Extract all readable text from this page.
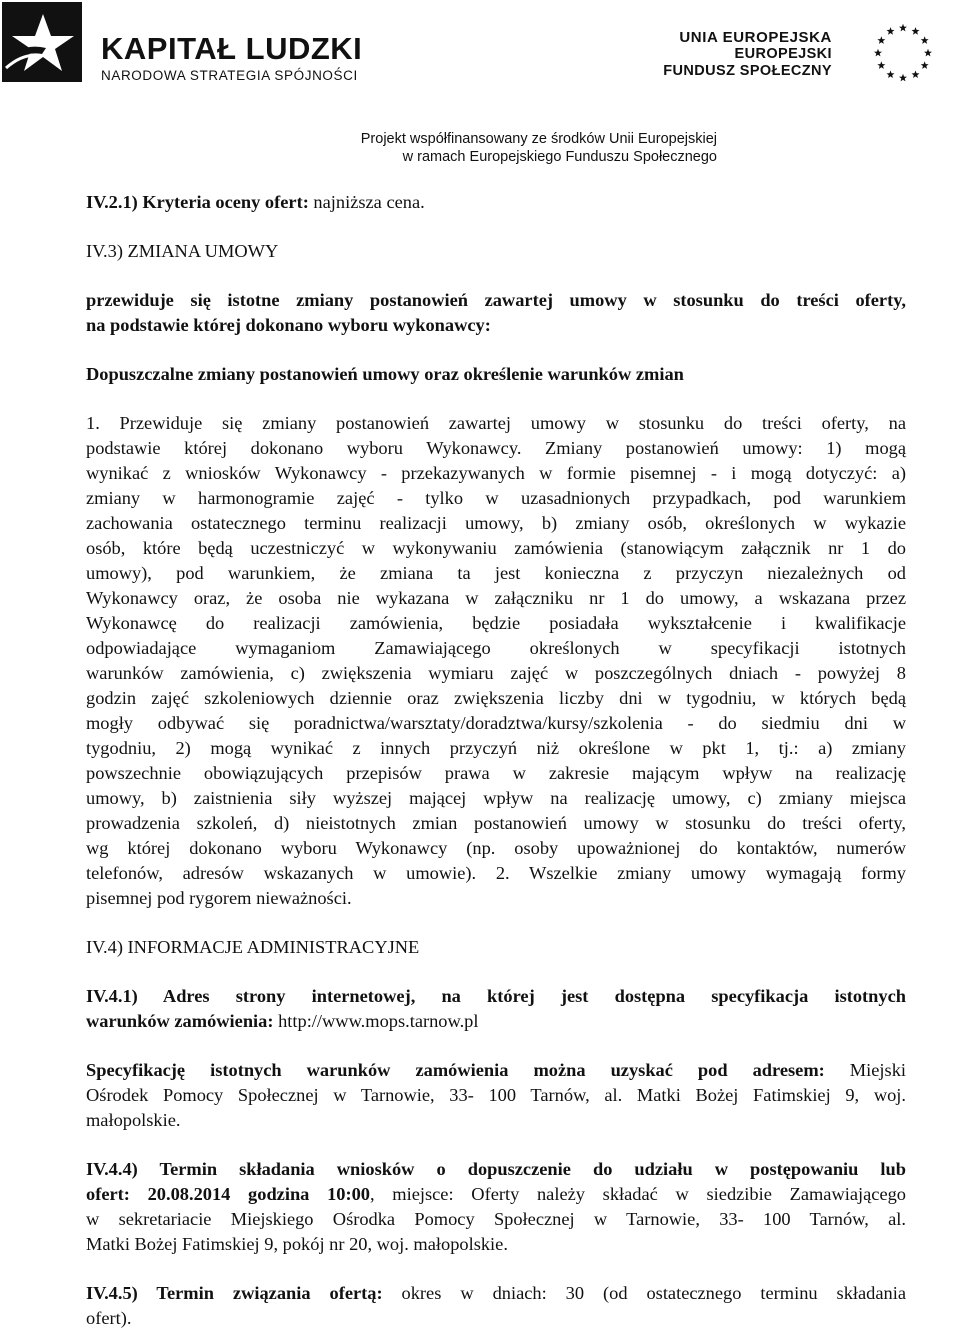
KAPITAŁ LUDZKI
NARODOWA STRATEGIA SPÓJNOŚCI
UNIA EUROPEJSKA
EUROPEJSKI
FUNDUSZ SPOŁECZNY
Projekt współfinansowany ze środków Unii Europejskiej
w ramach Europejskiego Funduszu Społecznego
IV.2.1) Kryteria oceny ofert: najniższa cena.
IV.3) ZMIANA UMOWY
przewiduje się istotne zmiany postanowień zawartej umowy w stosunku do treści oferty,
na podstawie której dokonano wyboru wykonawcy:
Dopuszczalne zmiany postanowień umowy oraz określenie warunków zmian
1. Przewiduje się zmiany postanowień zawartej umowy w stosunku do treści oferty, na
podstawie której dokonano wyboru Wykonawcy. Zmiany postanowień umowy: 1) mogą
wynikać z wniosków Wykonawcy - przekazywanych w formie pisemnej - i mogą dotyczyć: a)
zmiany w harmonogramie zajęć - tylko w uzasadnionych przypadkach, pod warunkiem
zachowania ostatecznego terminu realizacji umowy, b) zmiany osób, określonych w wykazie
osób, które będą uczestniczyć w wykonywaniu zamówienia (stanowiącym załącznik nr 1 do
umowy), pod warunkiem, że zmiana ta jest konieczna z przyczyn niezależnych od
Wykonawcy oraz, że osoba nie wykazana w załączniku nr 1 do umowy, a wskazana przez
Wykonawcę do realizacji zamówienia, będzie posiadała wykształcenie i kwalifikacje
odpowiadające wymaganiom Zamawiającego określonych w specyfikacji istotnych
warunków zamówienia, c) zwiększenia wymiaru zajęć w poszczególnych dniach - powyżej 8
godzin zajęć szkoleniowych dziennie oraz zwiększenia liczby dni w tygodniu, w których będą
mogły odbywać się poradnictwa/warsztaty/doradztwa/kursy/szkolenia - do siedmiu dni w
tygodniu, 2) mogą wynikać z innych przyczyń niż określone w pkt 1, tj.: a) zmiany
powszechnie obowiązujących przepisów prawa w zakresie mającym wpływ na realizację
umowy, b) zaistnienia siły wyższej mającej wpływ na realizację umowy, c) zmiany miejsca
prowadzenia szkoleń, d) nieistotnych zmian postanowień umowy w stosunku do treści oferty,
wg której dokonano wyboru Wykonawcy (np. osoby upoważnionej do kontaktów, numerów
telefonów, adresów wskazanych w umowie). 2. Wszelkie zmiany umowy wymagają formy
pisemnej pod rygorem nieważności.
IV.4) INFORMACJE ADMINISTRACYJNE
IV.4.1) Adres strony internetowej, na której jest dostępna specyfikacja istotnych
warunków zamówienia: http://www.mops.tarnow.pl
Specyfikację istotnych warunków zamówienia można uzyskać pod adresem: Miejski
Ośrodek Pomocy Społecznej w Tarnowie, 33- 100 Tarnów, al. Matki Bożej Fatimskiej 9, woj.
małopolskie.
IV.4.4) Termin składania wniosków o dopuszczenie do udziału w postępowaniu lub
ofert: 20.08.2014 godzina 10:00, miejsce: Oferty należy składać w siedzibie Zamawiającego
w sekretariacie Miejskiego Ośrodka Pomocy Społecznej w Tarnowie, 33- 100 Tarnów, al.
Matki Bożej Fatimskiej 9, pokój nr 20, woj. małopolskie.
IV.4.5) Termin związania ofertą: okres w dniach: 30 (od ostatecznego terminu składania
ofert).
